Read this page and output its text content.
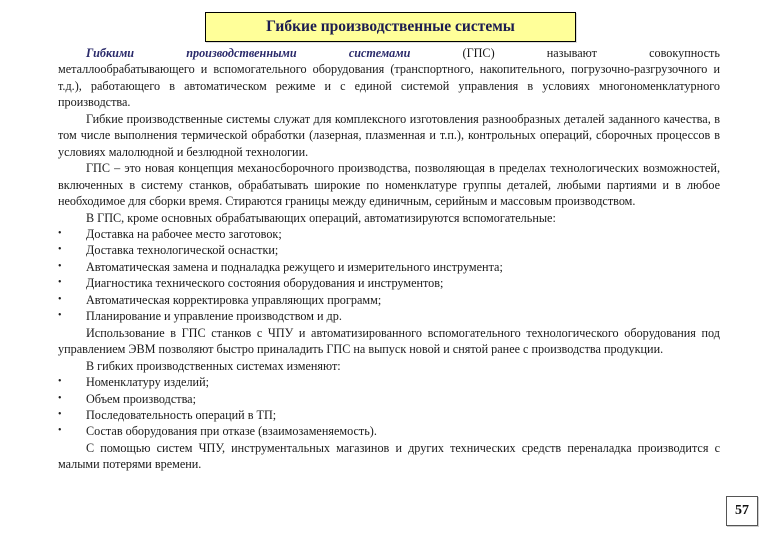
Гибкие производственные системы
Гибкими	производственными	системами	(ГПС)	называют	совокупность

металлообрабатывающего и вспомогательного оборудования (транспортного, накопительного, погрузочно-разгрузочного и т.д.), работающего в автоматическом режиме и с единой системой управления в условиях многономенклатурного производства.

Гибкие производственные системы служат для комплексного изготовления разнообразных деталей заданного качества, в том числе выполнения термической обработки (лазерная, плазменная и т.п.), контрольных операций, сборочных процессов в условиях малолюдной и безлюдной технологии.

ГПС – это новая концепция механосборочного производства, позволяющая в пределах технологических возможностей, включенных в систему станков, обрабатывать широкие по номенклатуре группы деталей, любыми партиями и в любое необходимое для сборки время. Стираются границы между единичным, серийным и массовым производством.

В ГПС, кроме основных обрабатывающих операций, автоматизируются вспомогательные:

•	Доставка на рабочее место заготовок;
•	Доставка технологической оснастки;
•	Автоматическая замена и подналадка режущего и измерительного инструмента;
•	Диагностика технического состояния оборудования и инструментов;
•	Автоматическая корректировка управляющих программ;
•	Планирование и управление производством и др.

Использование в ГПС станков с ЧПУ и автоматизированного вспомогательного технологического оборудования под управлением ЭВМ позволяют быстро приналадить ГПС на выпуск новой и снятой ранее с производства продукции.

В гибких производственных системах изменяют:

•	Номенклатуру изделий;
•	Объем производства;
•	Последовательность операций в ТП;
•	Состав оборудования при отказе (взаимозаменяемость).

С помощью систем ЧПУ, инструментальных магазинов и других технических средств переналадка производится с малыми потерями времени.

57
